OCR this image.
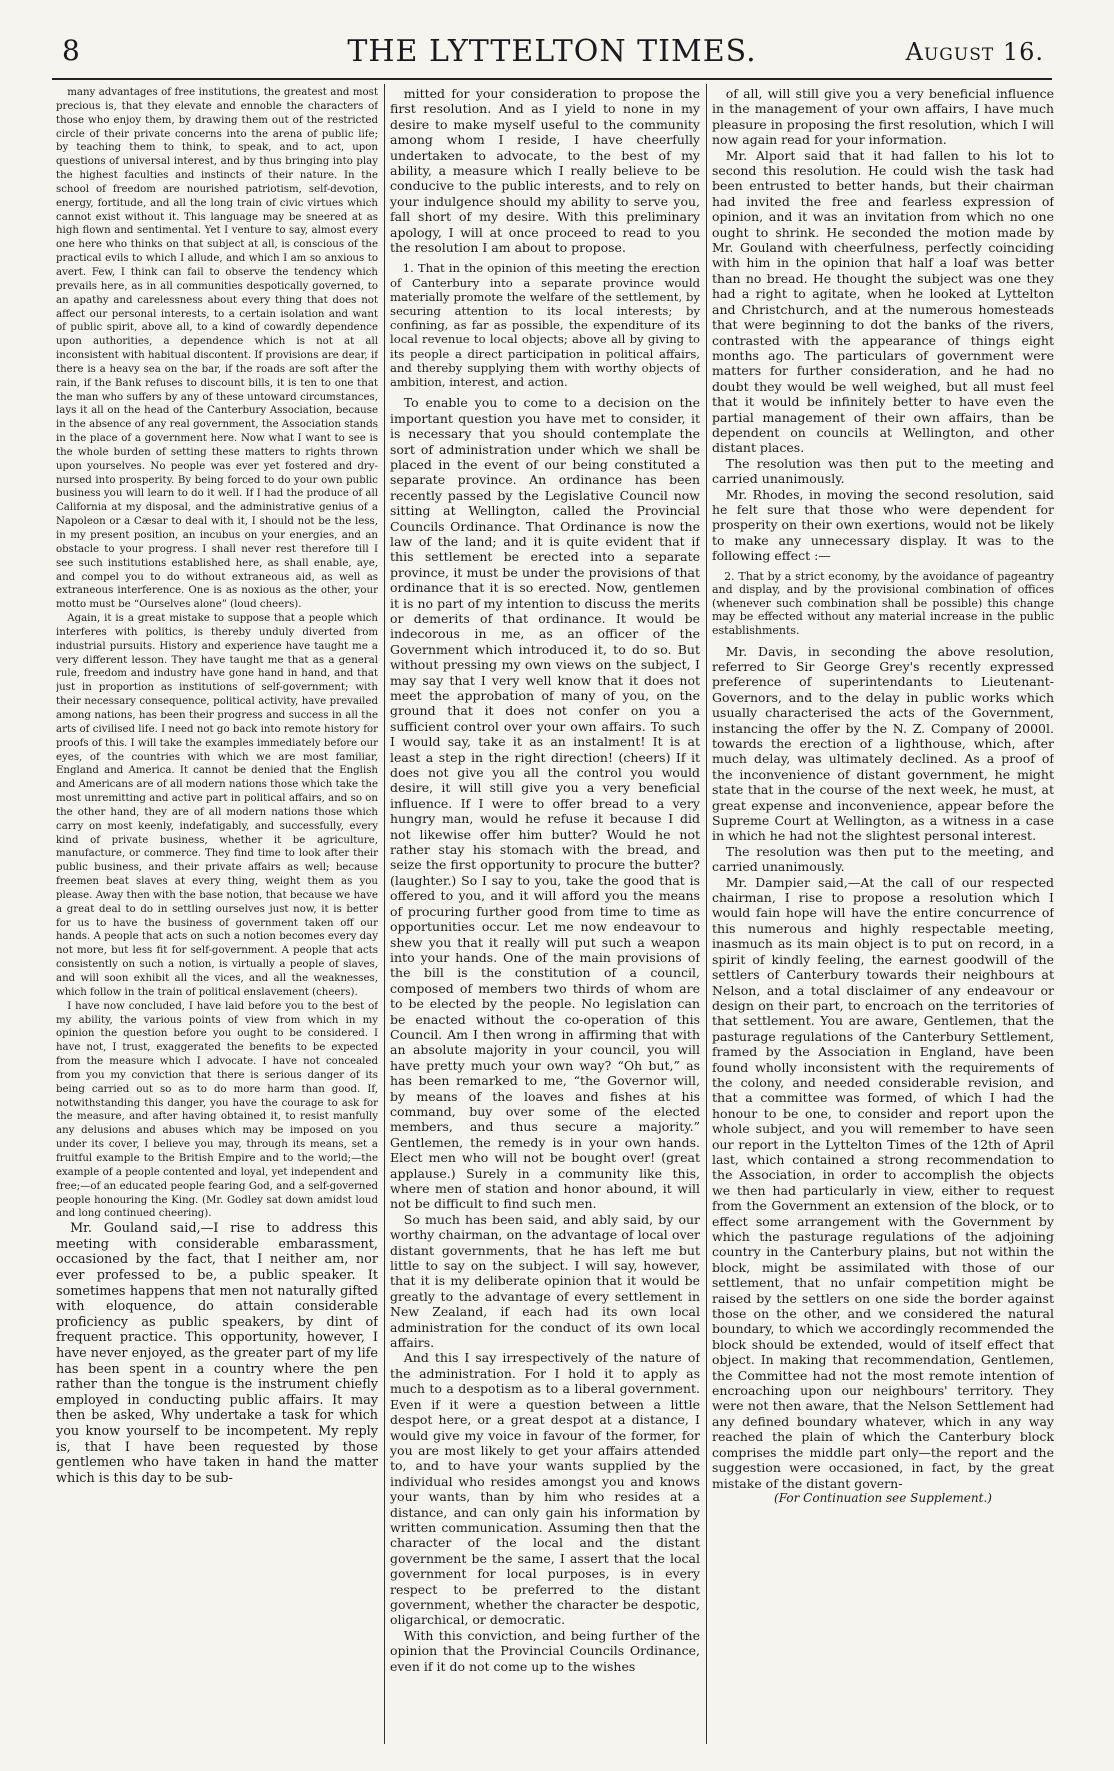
8	THE LYTTELTON TIMES.	August 16.

many advantages of free institutions, the greatest and most precious is, that they elevate and ennoble the characters of those who enjoy them, by drawing them out of the restricted circle of their private concerns into the arena of public life; by teaching them to think, to speak, and to act, upon questions of universal interest, and by thus bringing into play the highest faculties and instincts of their nature. In the school of freedom are nourished patriotism, self-devotion, energy, fortitude, and all the long train of civic virtues which cannot exist without it. This language may be sneered at as high flown and sentimental. Yet I venture to say, almost every one here who thinks on that subject at all, is conscious of the practical evils to which I allude, and which I am so anxious to avert. Few, I think can fail to observe the tendency which prevails here, as in all communities despotically governed, to an apathy and carelessness about every thing that does not affect our personal interests, to a certain isolation and want of public spirit, above all, to a kind of cowardly dependence upon authorities, a dependence which is not at all inconsistent with habitual discontent. If provisions are dear, if there is a heavy sea on the bar, if the roads are soft after the rain, if the Bank refuses to discount bills, it is ten to one that the man who suffers by any of these untoward circumstances, lays it all on the head of the Canterbury Association, because in the absence of any real government, the Association stands in the place of a government here. Now what I want to see is the whole burden of setting these matters to rights thrown upon yourselves. No people was ever yet fostered and dry-nursed into prosperity. By being forced to do your own public business you will learn to do it well. If I had the produce of all California at my disposal, and the administrative genius of a Napoleon or a Cæsar to deal with it, I should not be the less, in my present position, an incubus on your energies, and an obstacle to your progress. I shall never rest therefore till I see such institutions established here, as shall enable, aye, and compel you to do without extraneous aid, as well as extraneous interference. One is as noxious as the other, your motto must be “Ourselves alone” (loud cheers).

Again, it is a great mistake to suppose that a people which interferes with politics, is thereby unduly diverted from industrial pursuits. History and experience have taught me a very different lesson. They have taught me that as a general rule, freedom and industry have gone hand in hand, and that just in proportion as institutions of self-government; with their necessary consequence, political activity, have prevailed among nations, has been their progress and success in all the arts of civilised life. I need not go back into remote history for proofs of this. I will take the examples immediately before our eyes, of the countries with which we are most familiar, England and America. It cannot be denied that the English and Americans are of all modern nations those which take the most unremitting and active part in political affairs, and so on the other hand, they are of all modern nations those which carry on most keenly, indefatigably, and successfully, every kind of private business, whether it be agriculture, manufacture, or commerce. They find time to look after their public business, and their private affairs as well; because freemen beat slaves at every thing, weight them as you please. Away then with the base notion, that because we have a great deal to do in settling ourselves just now, it is better for us to have the business of government taken off our hands. A people that acts on such a notion becomes every day not more, but less fit for self-government. A people that acts consistently on such a notion, is virtually a people of slaves, and will soon exhibit all the vices, and all the weaknesses, which follow in the train of political enslavement (cheers).

I have now concluded, I have laid before you to the best of my ability, the various points of view from which in my opinion the question before you ought to be considered. I have not, I trust, exaggerated the benefits to be expected from the measure which I advocate. I have not concealed from you my conviction that there is serious danger of its being carried out so as to do more harm than good. If, notwithstanding this danger, you have the courage to ask for the measure, and after having obtained it, to resist manfully any delusions and abuses which may be imposed on you under its cover, I believe you may, through its means, set a fruitful example to the British Empire and to the world;—the example of a people contented and loyal, yet independent and free;—of an educated people fearing God, and a self-governed people honouring the King. (Mr. Godley sat down amidst loud and long continued cheering).

Mr. Gouland said,—I rise to address this meeting with considerable embarassment, occasioned by the fact, that I neither am, nor ever professed to be, a public speaker. It sometimes happens that men not naturally gifted with eloquence, do attain considerable proficiency as public speakers, by dint of frequent practice. This opportunity, however, I have never enjoyed, as the greater part of my life has been spent in a country where the pen rather than the tongue is the instrument chiefly employed in conducting public affairs. It may then be asked, Why undertake a task for which you know yourself to be incompetent. My reply is, that I have been requested by those gentlemen who have taken in hand the matter which is this day to be sub-

mitted for your consideration to propose the first resolution. And as I yield to none in my desire to make myself useful to the community among whom I reside, I have cheerfully undertaken to advocate, to the best of my ability, a measure which I really believe to be conducive to the public interests, and to rely on your indulgence should my ability to serve you, fall short of my desire. With this preliminary apology, I will at once proceed to read to you the resolution I am about to propose.

1. That in the opinion of this meeting the erection of Canterbury into a separate province would materially promote the welfare of the settlement, by securing attention to its local interests; by confining, as far as possible, the expenditure of its local revenue to local objects; above all by giving to its people a direct participation in political affairs, and thereby supplying them with worthy objects of ambition, interest, and action.

To enable you to come to a decision on the important question you have met to consider, it is necessary that you should contemplate the sort of administration under which we shall be placed in the event of our being constituted a separate province. An ordinance has been recently passed by the Legislative Council now sitting at Wellington, called the Provincial Councils Ordinance. That Ordinance is now the law of the land; and it is quite evident that if this settlement be erected into a separate province, it must be under the provisions of that ordinance that it is so erected. Now, gentlemen it is no part of my intention to discuss the merits or demerits of that ordinance. It would be indecorous in me, as an officer of the Government which introduced it, to do so. But without pressing my own views on the subject, I may say that I very well know that it does not meet the approbation of many of you, on the ground that it does not confer on you a sufficient control over your own affairs. To such I would say, take it as an instalment! It is at least a step in the right direction! (cheers) If it does not give you all the control you would desire, it will still give you a very beneficial influence. If I were to offer bread to a very hungry man, would he refuse it because I did not likewise offer him butter? Would he not rather stay his stomach with the bread, and seize the first opportunity to procure the butter? (laughter.) So I say to you, take the good that is offered to you, and it will afford you the means of procuring further good from time to time as opportunities occur. Let me now endeavour to shew you that it really will put such a weapon into your hands. One of the main provisions of the bill is the constitution of a council, composed of members two thirds of whom are to be elected by the people. No legislation can be enacted without the co-operation of this Council. Am I then wrong in affirming that with an absolute majority in your council, you will have pretty much your own way? “Oh but,” as has been remarked to me, “the Governor will, by means of the loaves and fishes at his command, buy over some of the elected members, and thus secure a majority.” Gentlemen, the remedy is in your own hands. Elect men who will not be bought over! (great applause.) Surely in a community like this, where men of station and honor abound, it will not be difficult to find such men.

So much has been said, and ably said, by our worthy chairman, on the advantage of local over distant governments, that he has left me but little to say on the subject. I will say, however, that it is my deliberate opinion that it would be greatly to the advantage of every settlement in New Zealand, if each had its own local administration for the conduct of its own local affairs.

And this I say irrespectively of the nature of the administration. For I hold it to apply as much to a despotism as to a liberal government. Even if it were a question between a little despot here, or a great despot at a distance, I would give my voice in favour of the former, for you are most likely to get your affairs attended to, and to have your wants supplied by the individual who resides amongst you and knows your wants, than by him who resides at a distance, and can only gain his information by written communication. Assuming then that the character of the local and the distant government be the same, I assert that the local government for local purposes, is in every respect to be preferred to the distant government, whether the character be despotic, oligarchical, or democratic.

With this conviction, and being further of the opinion that the Provincial Councils Ordinance, even if it do not come up to the wishes

of all, will still give you a very beneficial influence in the management of your own affairs, I have much pleasure in proposing the first resolution, which I will now again read for your information.

Mr. Alport said that it had fallen to his lot to second this resolution. He could wish the task had been entrusted to better hands, but their chairman had invited the free and fearless expression of opinion, and it was an invitation from which no one ought to shrink. He seconded the motion made by Mr. Gouland with cheerfulness, perfectly coinciding with him in the opinion that half a loaf was better than no bread. He thought the subject was one they had a right to agitate, when he looked at Lyttelton and Christchurch, and at the numerous homesteads that were beginning to dot the banks of the rivers, contrasted with the appearance of things eight months ago. The particulars of government were matters for further consideration, and he had no doubt they would be well weighed, but all must feel that it would be infinitely better to have even the partial management of their own affairs, than be dependent on councils at Wellington, and other distant places.

The resolution was then put to the meeting and carried unanimously.

Mr. Rhodes, in moving the second resolution, said he felt sure that those who were dependent for prosperity on their own exertions, would not be likely to make any unnecessary display. It was to the following effect :—

2. That by a strict economy, by the avoidance of pageantry and display, and by the provisional combination of offices (whenever such combination shall be possible) this change may be effected without any material increase in the public establishments.

Mr. Davis, in seconding the above resolution, referred to Sir George Grey's recently expressed preference of superintendants to Lieutenant-Governors, and to the delay in public works which usually characterised the acts of the Government, instancing the offer by the N. Z. Company of 2000l. towards the erection of a lighthouse, which, after much delay, was ultimately declined. As a proof of the inconvenience of distant government, he might state that in the course of the next week, he must, at great expense and inconvenience, appear before the Supreme Court at Wellington, as a witness in a case in which he had not the slightest personal interest.

The resolution was then put to the meeting, and carried unanimously.

Mr. Dampier said,—At the call of our respected chairman, I rise to propose a resolution which I would fain hope will have the entire concurrence of this numerous and highly respectable meeting, inasmuch as its main object is to put on record, in a spirit of kindly feeling, the earnest goodwill of the settlers of Canterbury towards their neighbours at Nelson, and a total disclaimer of any endeavour or design on their part, to encroach on the territories of that settlement. You are aware, Gentlemen, that the pasturage regulations of the Canterbury Settlement, framed by the Association in England, have been found wholly inconsistent with the requirements of the colony, and needed considerable revision, and that a committee was formed, of which I had the honour to be one, to consider and report upon the whole subject, and you will remember to have seen our report in the Lyttelton Times of the 12th of April last, which contained a strong recommendation to the Association, in order to accomplish the objects we then had particularly in view, either to request from the Government an extension of the block, or to effect some arrangement with the Government by which the pasturage regulations of the adjoining country in the Canterbury plains, but not within the block, might be assimilated with those of our settlement, that no unfair competition might be raised by the settlers on one side the border against those on the other, and we considered the natural boundary, to which we accordingly recommended the block should be extended, would of itself effect that object. In making that recommendation, Gentlemen, the Committee had not the most remote intention of encroaching upon our neighbours' territory. They were not then aware, that the Nelson Settlement had any defined boundary whatever, which in any way reached the plain of which the Canterbury block comprises the middle part only—the report and the suggestion were occasioned, in fact, by the great mistake of the distant govern-

(For Continuation see Supplement.)
